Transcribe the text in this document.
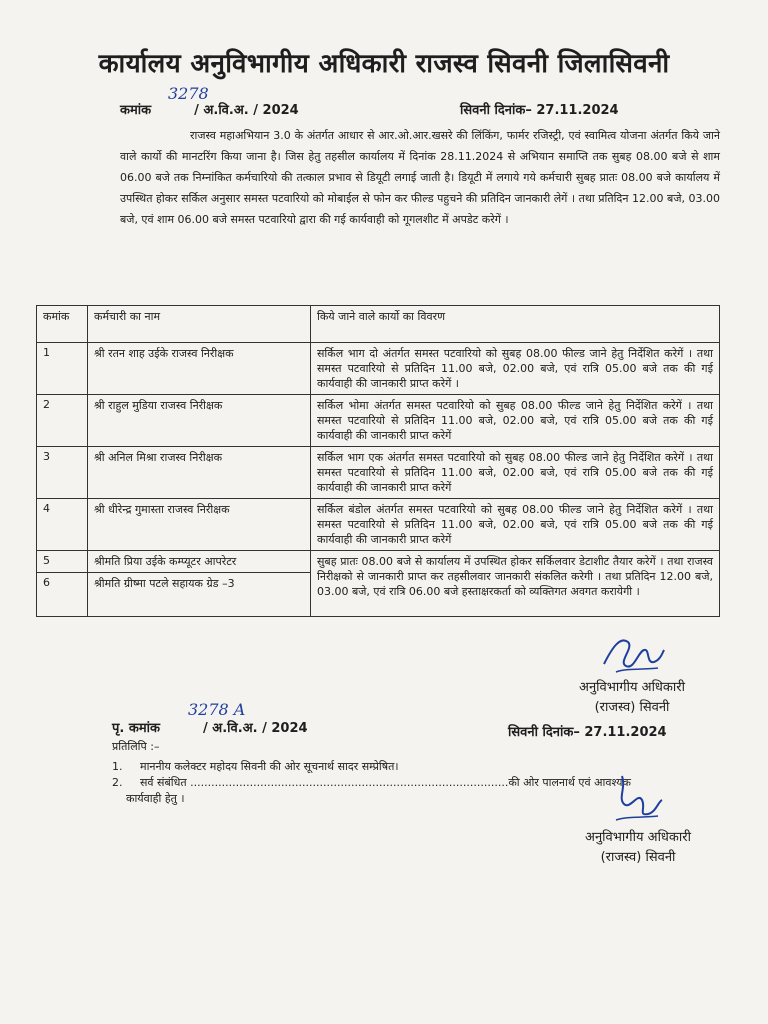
कार्यालय अनुविभागीय अधिकारी राजस्व सिवनी जिलासिवनी
कमांक	/ अ.वि.अ. / 2024
3278
सिवनी दिनांक– 27.11.2024
राजस्व महाअभियान 3.0 के अंतर्गत आधार से आर.ओ.आर.खसरे की लिंकिंग, फार्मर रजिस्ट्री, एवं स्वामित्व योजना अंतर्गत किये जाने वाले कार्यो की मानटरिंग किया जाना है। जिस हेतु तहसील कार्यालय में दिनांक 28.11.2024 से अभियान समाप्ति तक सुबह 08.00 बजे से शाम 06.00 बजे तक निम्नांकित कर्मचारियो की तत्काल प्रभाव से डियूटी लगाई जाती है। डियूटी में लगाये गये कर्मचारी सुबह प्रातः 08.00 बजे कार्यालय में उपस्थित होकर सर्किल अनुसार समस्त पटवारियो को मोबाईल से फोन कर फील्ड पहुचने की प्रतिदिन जानकारी लेगें । तथा प्रतिदिन 12.00 बजे, 03.00 बजे, एवं शाम 06.00 बजे समस्त पटवारियो द्वारा की गई कार्यवाही को गूगलशीट में अपडेट करेगें ।
कमांक	कर्मचारी का नाम	किये जाने वाले कार्यो का विवरण
1	श्री रतन शाह उईके राजस्व निरीक्षक	सर्किल भाग दो अंतर्गत समस्त पटवारियो को सुबह 08.00 फील्ड जाने हेतु निर्देशित करेगें । तथा समस्त पटवारियो से प्रतिदिन 11.00 बजे, 02.00 बजे, एवं रात्रि 05.00 बजे तक की गई कार्यवाही की जानकारी प्राप्त करेगें ।
2	श्री राहुल मुडिया राजस्व निरीक्षक	सर्किल भोमा अंतर्गत समस्त पटवारियो को सुबह 08.00 फील्ड जाने हेतु निर्देशित करेगें । तथा समस्त पटवारियो से प्रतिदिन 11.00 बजे, 02.00 बजे, एवं रात्रि 05.00 बजे तक की गई कार्यवाही की जानकारी प्राप्त करेगें
3	श्री अनिल मिश्रा राजस्व निरीक्षक	सर्किल भाग एक अंतर्गत समस्त पटवारियो को सुबह 08.00 फील्ड जाने हेतु निर्देशित करेगें । तथा समस्त पटवारियो से प्रतिदिन 11.00 बजे, 02.00 बजे, एवं रात्रि 05.00 बजे तक की गई कार्यवाही की जानकारी प्राप्त करेगें
4	श्री धीरेन्द्र गुमास्ता राजस्व निरीक्षक	सर्किल बंडोल अंतर्गत समस्त पटवारियो को सुबह 08.00 फील्ड जाने हेतु निर्देशित करेगें । तथा समस्त पटवारियो से प्रतिदिन 11.00 बजे, 02.00 बजे, एवं रात्रि 05.00 बजे तक की गई कार्यवाही की जानकारी प्राप्त करेगें
5	श्रीमति प्रिया उईके कम्प्यूटर आपरेटर	सुबह प्रातः 08.00 बजे से कार्यालय में उपस्थित होकर सर्किलवार डेटाशीट तैयार करेगें । तथा राजस्व निरीक्षको से जानकारी प्राप्त कर तहसीलवार जानकारी संकलित करेगी । तथा प्रतिदिन 12.00 बजे, 03.00 बजे, एवं रात्रि 06.00 बजे हस्ताक्षरकर्ता को व्यक्तिगत अवगत करायेगी ।
6	श्रीमति ग्रीष्मा पटले सहायक ग्रेड –3	
अनुविभागीय अधिकारी
(राजस्व) सिवनी
पृ. कमांक	/ अ.वि.अ. / 2024
3278 A
सिवनी दिनांक– 27.11.2024
प्रतिलिपि :–
1. माननीय कलेक्टर महोदय सिवनी की ओर सूचनार्थ सादर सम्प्रेषित।
2. सर्व संबंधित ...........................................................................................की ओर पालनार्थ एवं आवश्यक
कार्यवाही हेतु ।
अनुविभागीय अधिकारी
(राजस्व) सिवनी
